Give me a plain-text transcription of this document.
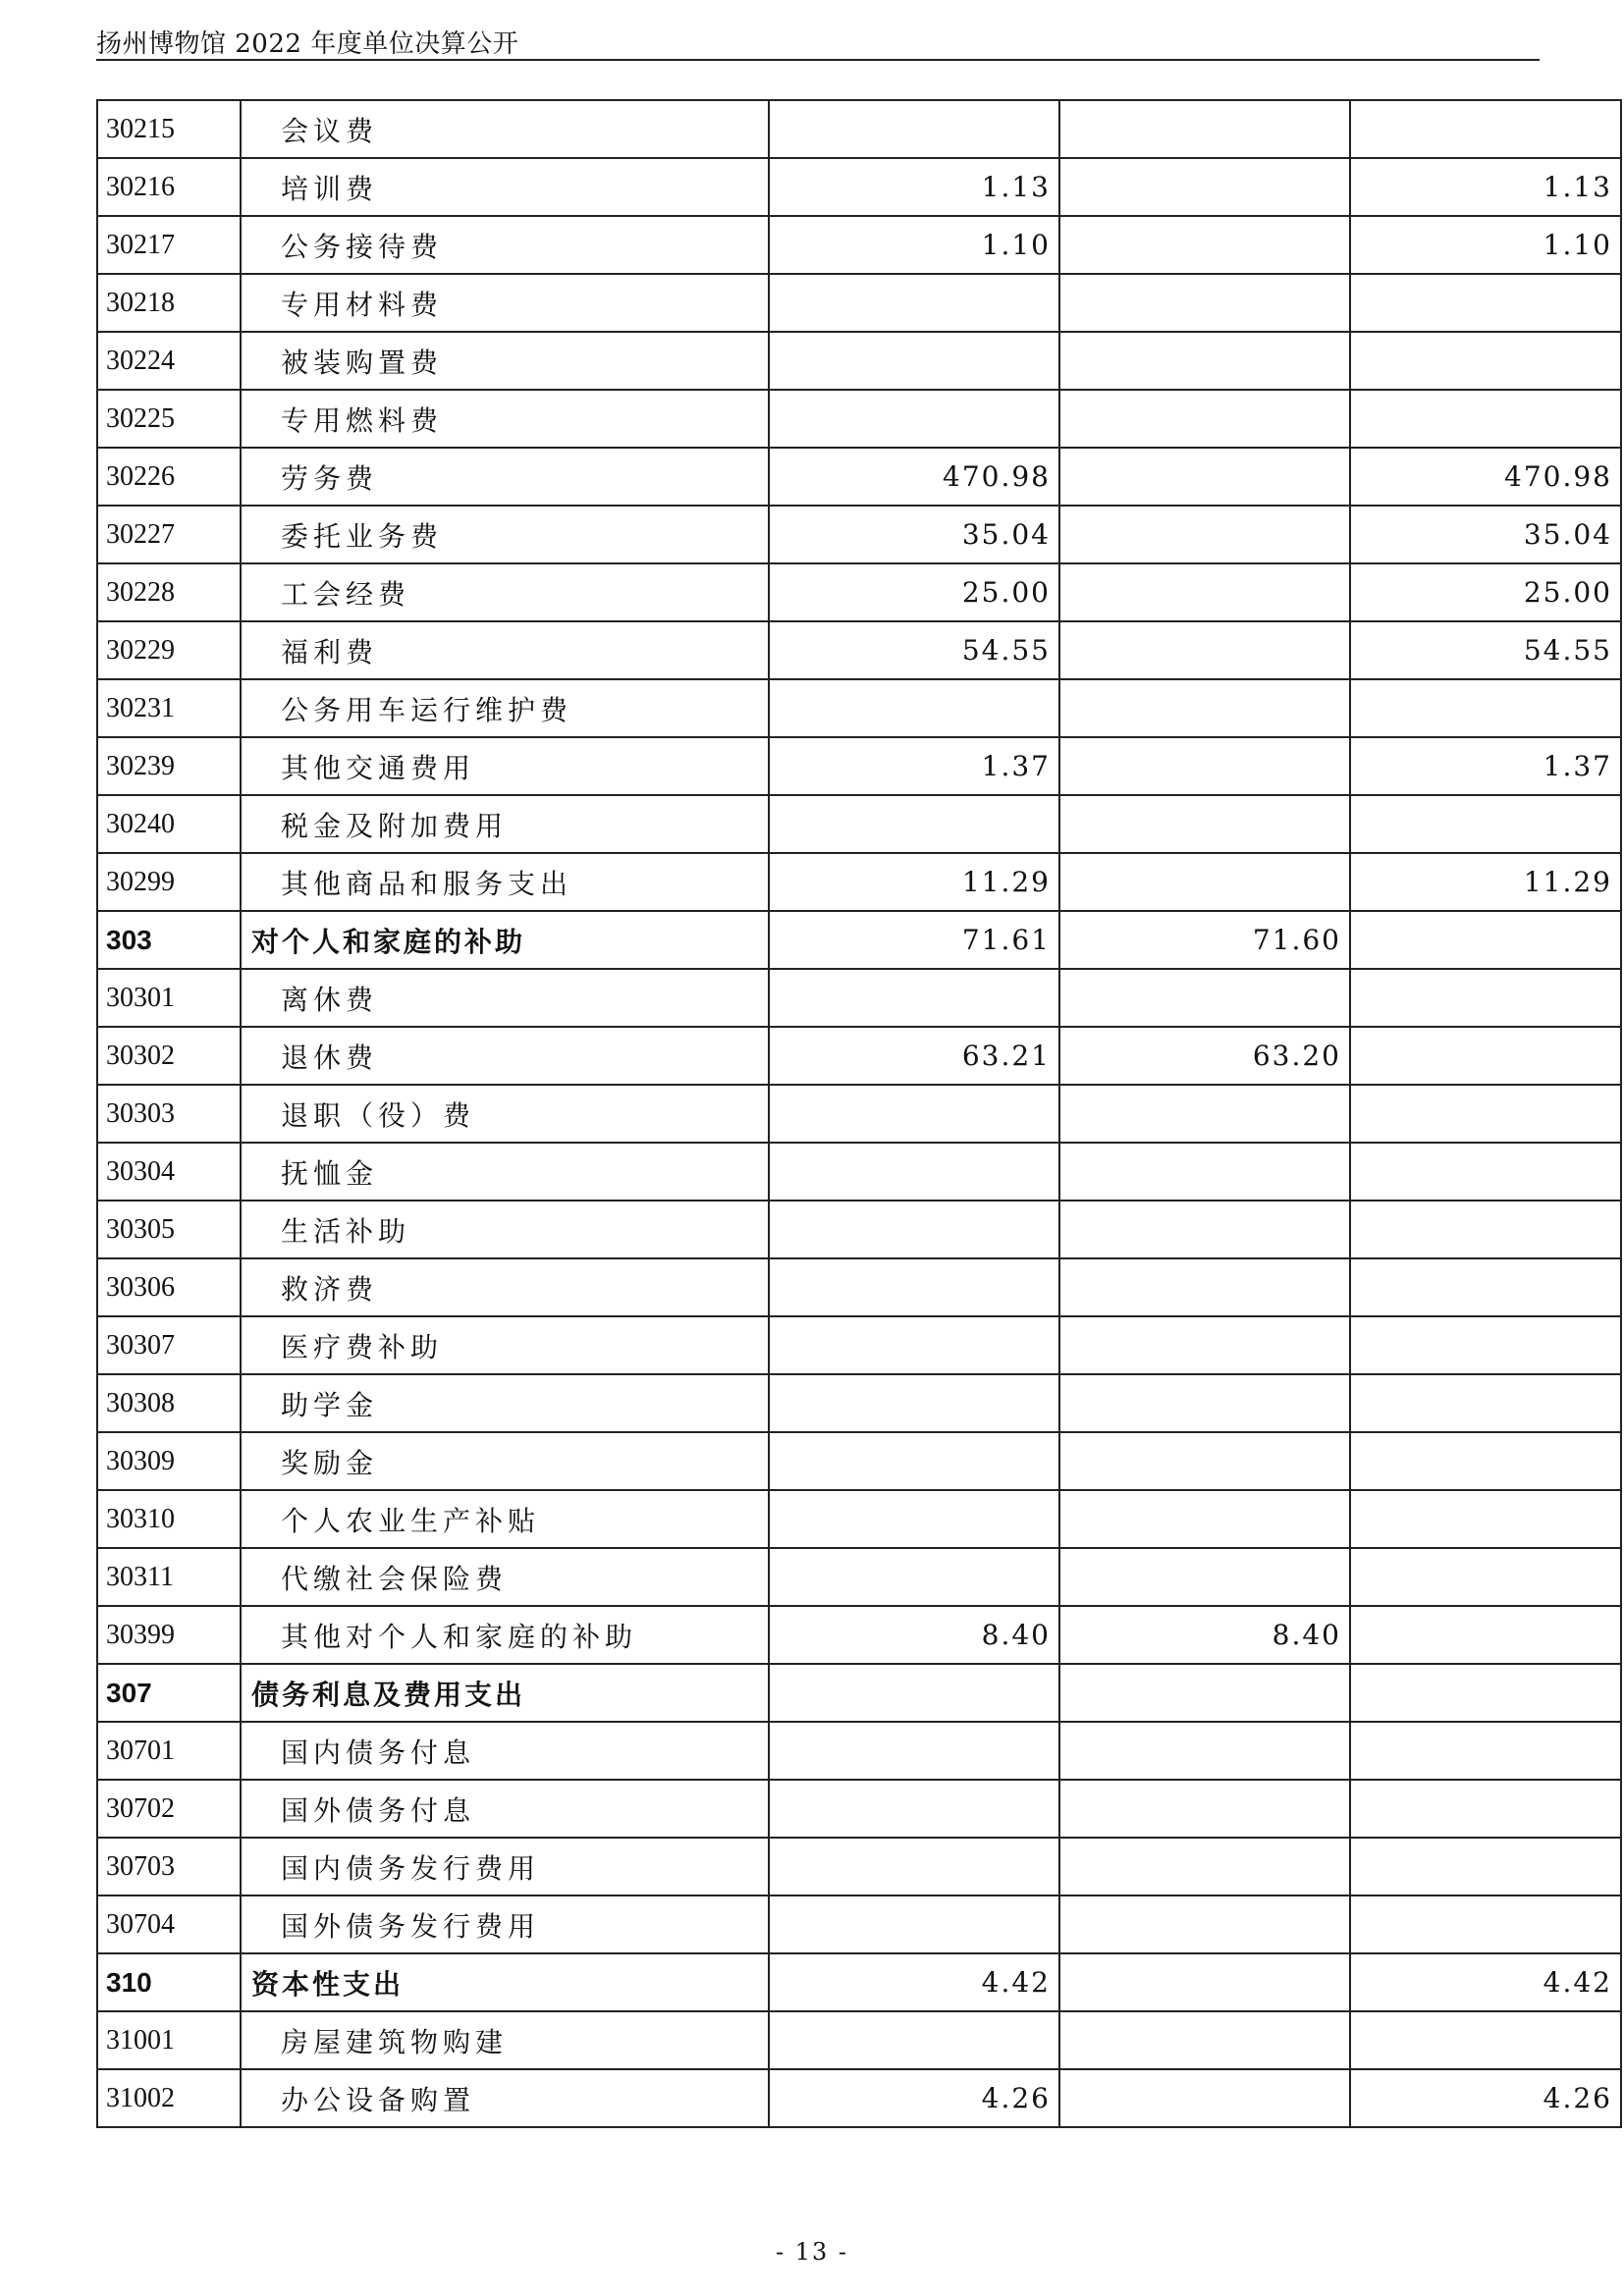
扬州博物馆 2022 年度单位决算公开
30215	会议费			
30216	培训费	1.13		1.13
30217	公务接待费	1.10		1.10
30218	专用材料费			
30224	被装购置费			
30225	专用燃料费			
30226	劳务费	470.98		470.98
30227	委托业务费	35.04		35.04
30228	工会经费	25.00		25.00
30229	福利费	54.55		54.55
30231	公务用车运行维护费			
30239	其他交通费用	1.37		1.37
30240	税金及附加费用			
30299	其他商品和服务支出	11.29		11.29
303	对个人和家庭的补助	71.61	71.60	
30301	离休费			
30302	退休费	63.21	63.20	
30303	退职（役）费			
30304	抚恤金			
30305	生活补助			
30306	救济费			
30307	医疗费补助			
30308	助学金			
30309	奖励金			
30310	个人农业生产补贴			
30311	代缴社会保险费			
30399	其他对个人和家庭的补助	8.40	8.40	
307	债务利息及费用支出			
30701	国内债务付息			
30702	国外债务付息			
30703	国内债务发行费用			
30704	国外债务发行费用			
310	资本性支出	4.42		4.42
31001	房屋建筑物购建			
31002	办公设备购置	4.26		4.26
- 13 -
